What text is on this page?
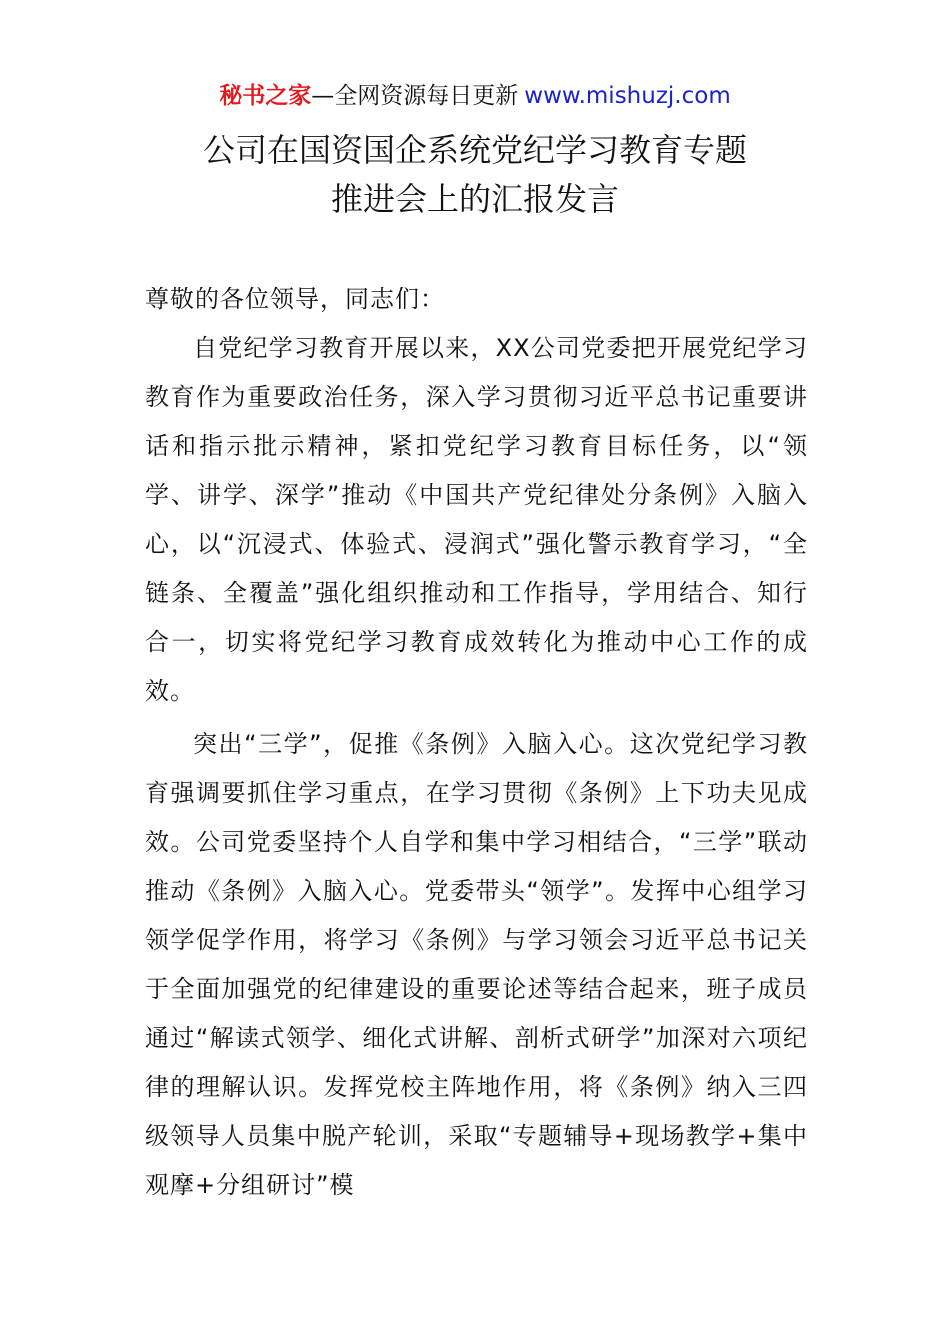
秘书之家—全网资源每日更新 www.mishuzj.com
公司在国资国企系统党纪学习教育专题
推进会上的汇报发言

尊敬的各位领导，同志们：

自党纪学习教育开展以来，XX公司党委把开展党纪学习教育作为重要政治任务，深入学习贯彻习近平总书记重要讲话和指示批示精神，紧扣党纪学习教育目标任务，以“领学、讲学、深学”推动《中国共产党纪律处分条例》入脑入心，以“沉浸式、体验式、浸润式”强化警示教育学习，“全链条、全覆盖”强化组织推动和工作指导，学用结合、知行合一，切实将党纪学习教育成效转化为推动中心工作的成效。

突出“三学”，促推《条例》入脑入心。这次党纪学习教育强调要抓住学习重点，在学习贯彻《条例》上下功夫见成效。公司党委坚持个人自学和集中学习相结合，“三学”联动推动《条例》入脑入心。党委带头“领学”。发挥中心组学习领学促学作用，将学习《条例》与学习领会习近平总书记关于全面加强党的纪律建设的重要论述等结合起来，班子成员通过“解读式领学、细化式讲解、剖析式研学”加深对六项纪律的理解认识。发挥党校主阵地作用，将《条例》纳入三四级领导人员集中脱产轮训，采取“专题辅导+现场教学+集中观摩+分组研讨”模
